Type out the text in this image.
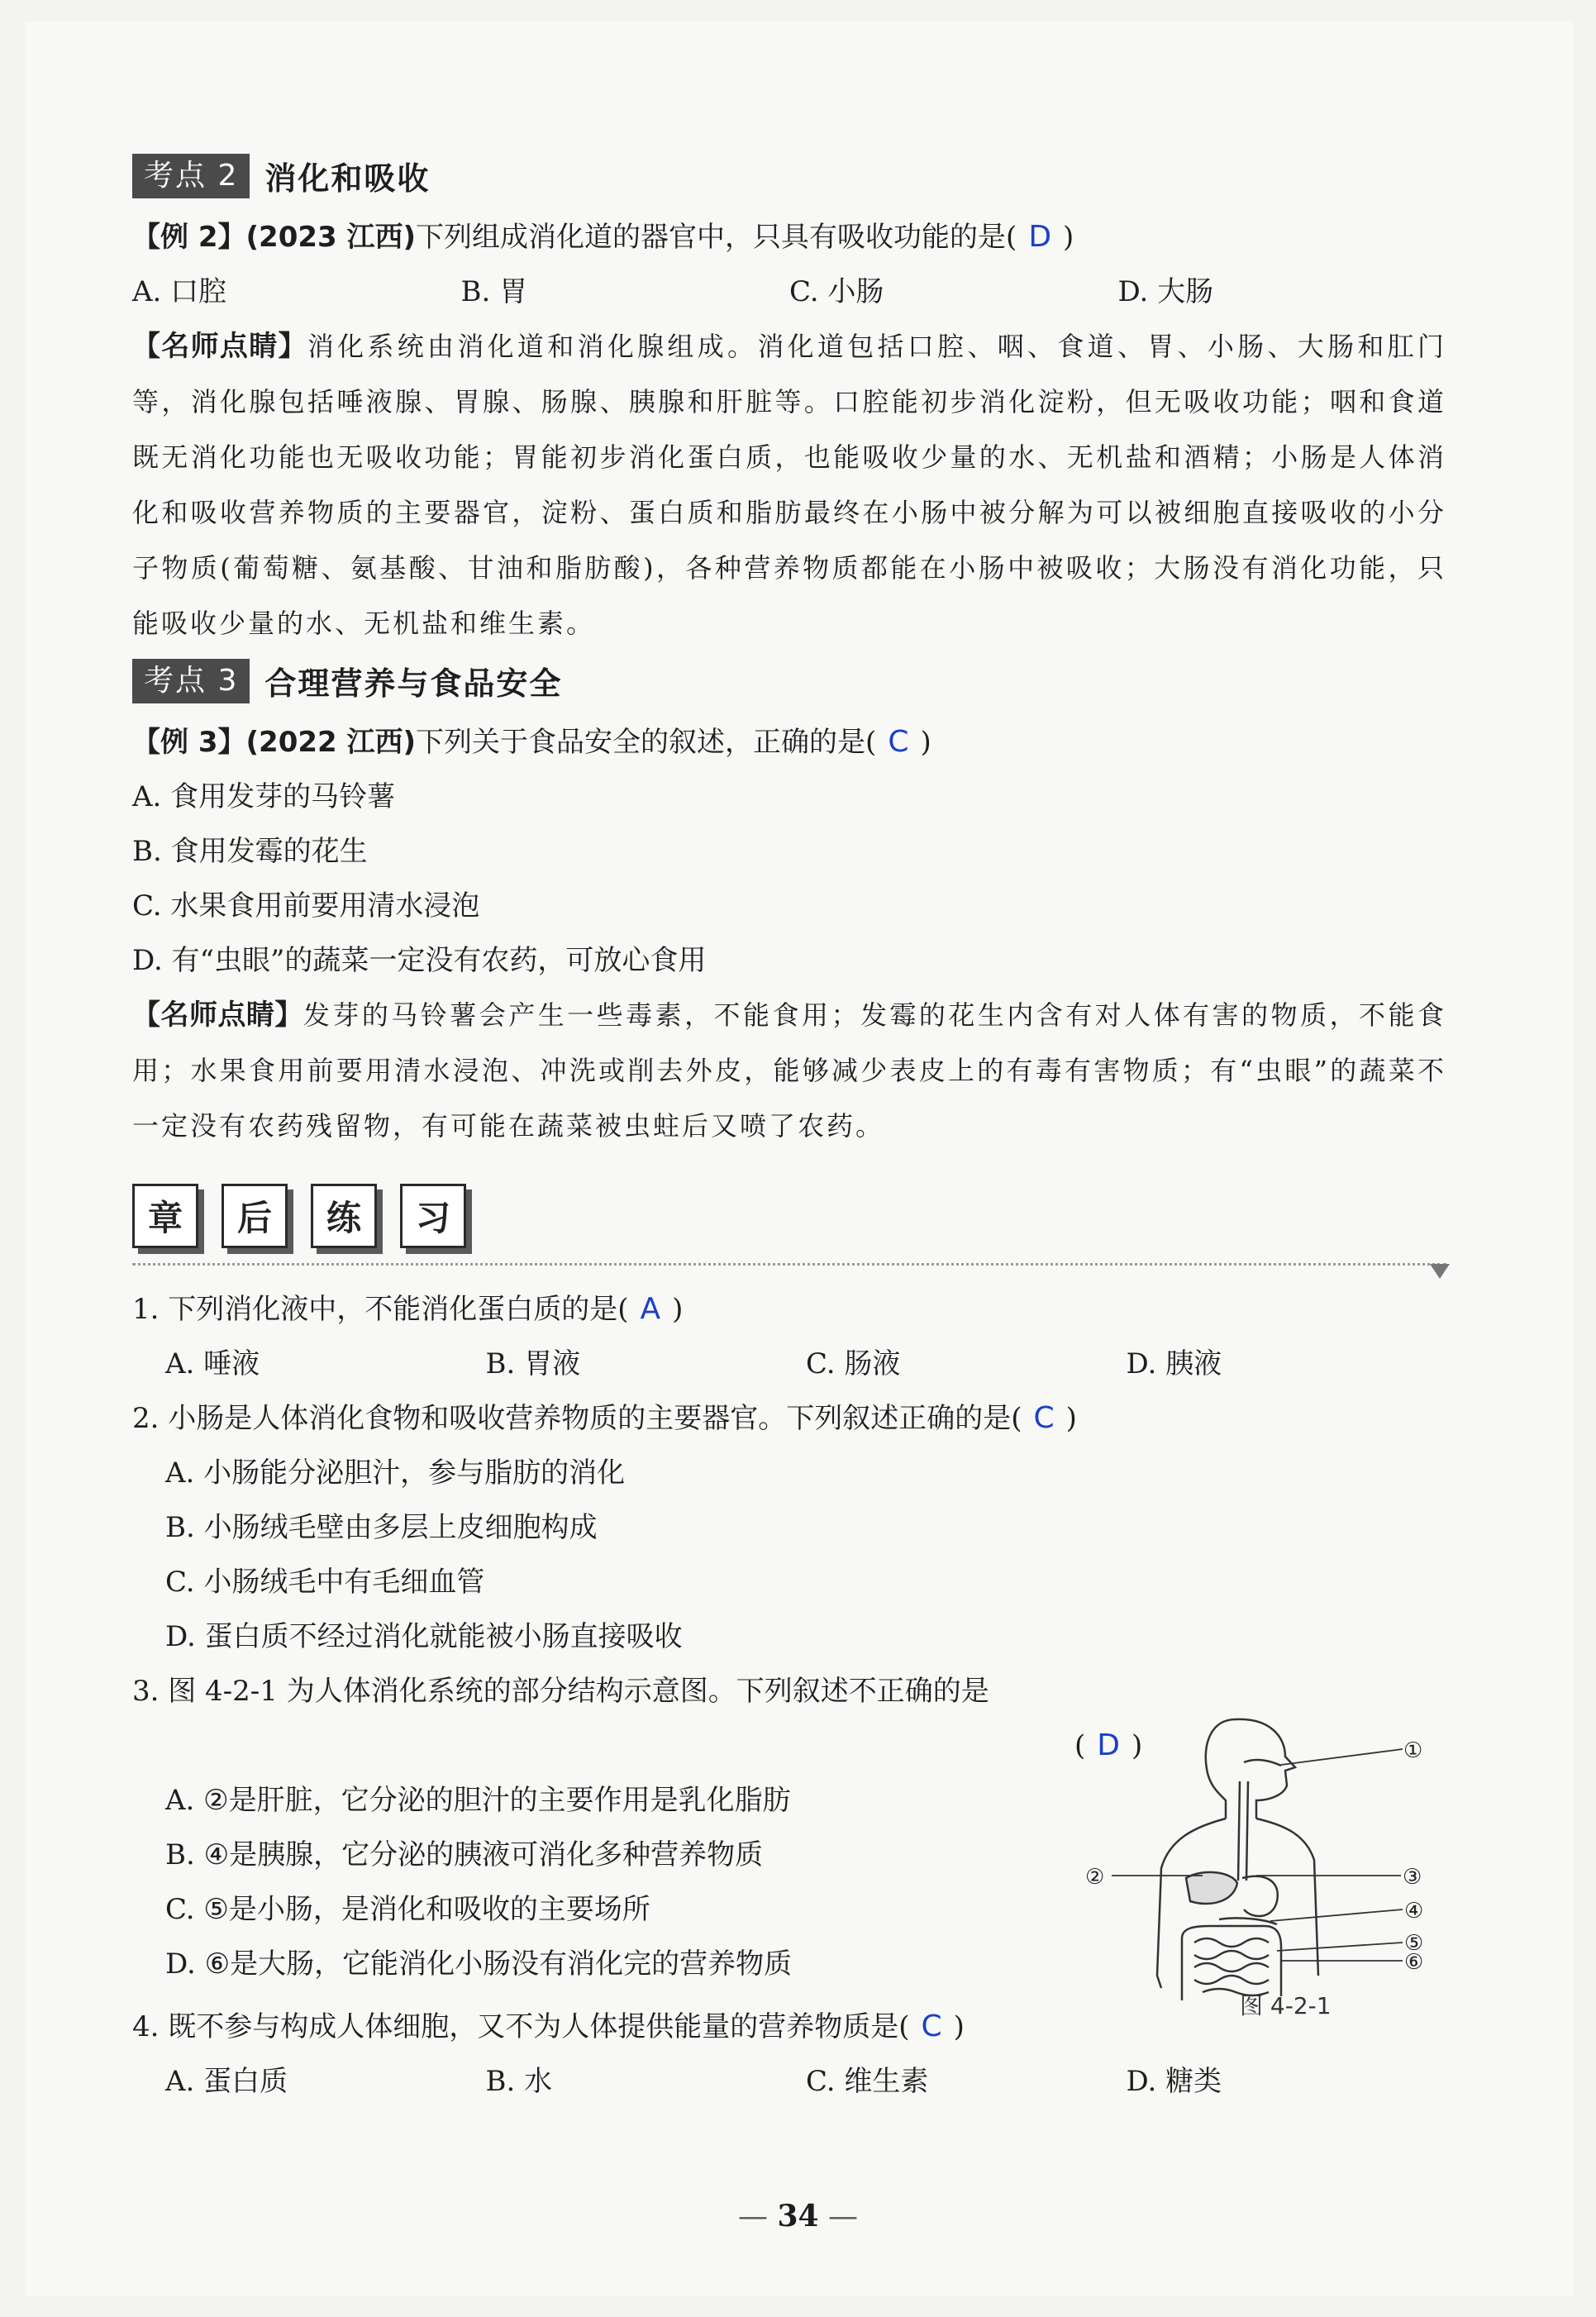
考点 2 消化和吸收
【例 2】(2023 江西)下列组成消化道的器官中，只具有吸收功能的是( D )
A. 口腔	B. 胃	C. 小肠	D. 大肠
【名师点睛】消化系统由消化道和消化腺组成。消化道包括口腔、咽、食道、胃、小肠、大肠和肛门等，消化腺包括唾液腺、胃腺、肠腺、胰腺和肝脏等。口腔能初步消化淀粉，但无吸收功能；咽和食道既无消化功能也无吸收功能；胃能初步消化蛋白质，也能吸收少量的水、无机盐和酒精；小肠是人体消化和吸收营养物质的主要器官，淀粉、蛋白质和脂肪最终在小肠中被分解为可以被细胞直接吸收的小分子物质(葡萄糖、氨基酸、甘油和脂肪酸)，各种营养物质都能在小肠中被吸收；大肠没有消化功能，只能吸收少量的水、无机盐和维生素。
考点 3 合理营养与食品安全
【例 3】(2022 江西)下列关于食品安全的叙述，正确的是( C )
A. 食用发芽的马铃薯
B. 食用发霉的花生
C. 水果食用前要用清水浸泡
D. 有“虫眼”的蔬菜一定没有农药，可放心食用
【名师点睛】发芽的马铃薯会产生一些毒素，不能食用；发霉的花生内含有对人体有害的物质，不能食用；水果食用前要用清水浸泡、冲洗或削去外皮，能够减少表皮上的有毒有害物质；有“虫眼”的蔬菜不一定没有农药残留物，有可能在蔬菜被虫蛀后又喷了农药。
章	后	练	习
1. 下列消化液中，不能消化蛋白质的是( A )
A. 唾液	B. 胃液	C. 肠液	D. 胰液
2. 小肠是人体消化食物和吸收营养物质的主要器官。下列叙述正确的是( C )
A. 小肠能分泌胆汁，参与脂肪的消化
B. 小肠绒毛壁由多层上皮细胞构成
C. 小肠绒毛中有毛细血管
D. 蛋白质不经过消化就能被小肠直接吸收
3. 图 4-2-1 为人体消化系统的部分结构示意图。下列叙述不正确的是
( D )
A. ②是肝脏，它分泌的胆汁的主要作用是乳化脂肪
B. ④是胰腺，它分泌的胰液可消化多种营养物质
C. ⑤是小肠，是消化和吸收的主要场所
D. ⑥是大肠，它能消化小肠没有消化完的营养物质
4. 既不参与构成人体细胞，又不为人体提供能量的营养物质是( C )
A. 蛋白质	B. 水	C. 维生素	D. 糖类
①
②	③
④
⑤
⑥
图 4-2-1
— 34 —
